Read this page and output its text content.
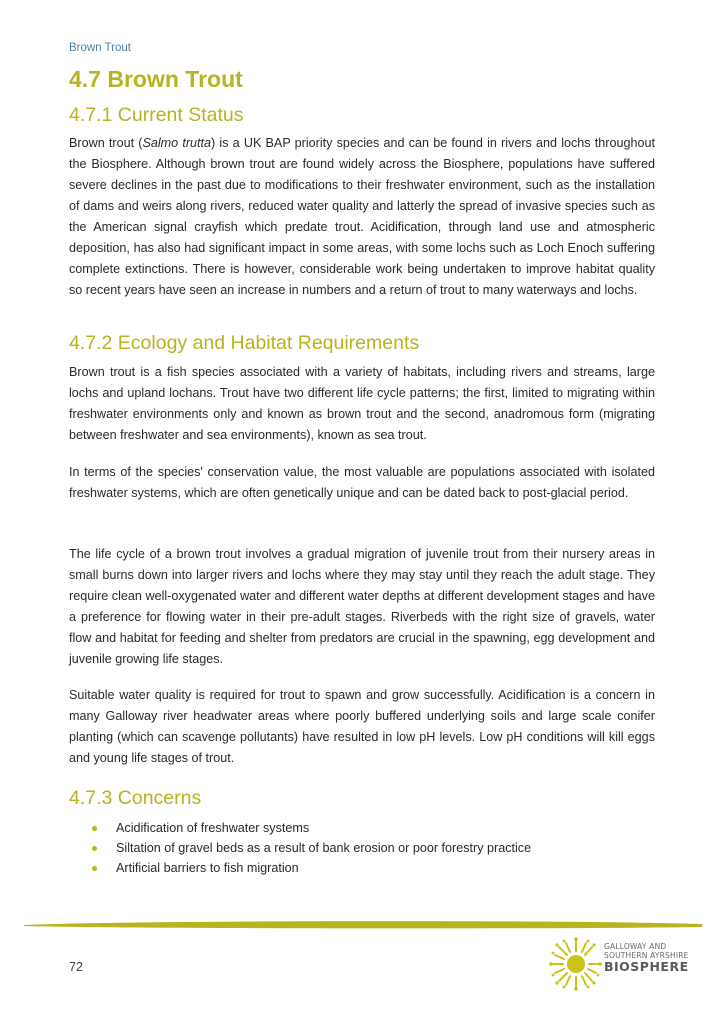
Brown Trout
4.7 Brown Trout
4.7.1 Current Status

Brown trout (Salmo trutta) is a UK BAP priority species and can be found in rivers and lochs throughout the Biosphere. Although brown trout are found widely across the Biosphere, populations have suffered severe declines in the past due to modifications to their freshwater environment, such as the installation of dams and weirs along rivers, reduced water quality and latterly the spread of invasive species such as the American signal crayfish which predate trout. Acidification, through land use and atmospheric deposition, has also had significant impact in some areas, with some lochs such as Loch Enoch suffering complete extinctions. There is however, considerable work being undertaken to improve habitat quality so recent years have seen an increase in numbers and a return of trout to many waterways and lochs.

4.7.2 Ecology and Habitat Requirements

Brown trout is a fish species associated with a variety of habitats, including rivers and streams, large lochs and upland lochans. Trout have two different life cycle patterns; the first, limited to migrating within freshwater environments only and known as brown trout and the second, anadromous form (migrating between freshwater and sea environments), known as sea trout.

In terms of the species' conservation value, the most valuable are populations associated with isolated freshwater systems, which are often genetically unique and can be dated back to post-glacial period.

The life cycle of a brown trout involves a gradual migration of juvenile trout from their nursery areas in small burns down into larger rivers and lochs where they may stay until they reach the adult stage. They require clean well-oxygenated water and different water depths at different development stages and have a preference for flowing water in their pre-adult stages. Riverbeds with the right size of gravels, water flow and habitat for feeding and shelter from predators are crucial in the spawning, egg development and juvenile growing life stages.

Suitable water quality is required for trout to spawn and grow successfully. Acidification is a concern in many Galloway river headwater areas where poorly buffered underlying soils and large scale conifer planting (which can scavenge pollutants) have resulted in low pH levels. Low pH conditions will kill eggs and young life stages of trout.

4.7.3 Concerns
Acidification of freshwater systems
Siltation of gravel beds as a result of bank erosion or poor forestry practice
Artificial barriers to fish migration
72
GALLOWAY AND
SOUTHERN AYRSHIRE
BIOSPHERE
